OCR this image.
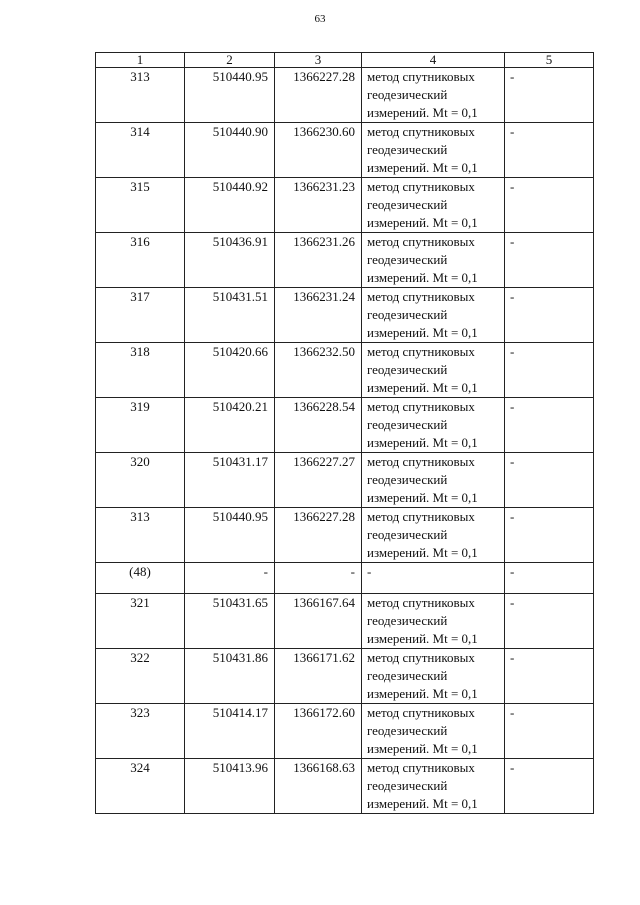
63
1	2	3	4	5
313	510440.95	1366227.28	метод спутниковых геодезический измерений. Mt = 0,1	-
314	510440.90	1366230.60	метод спутниковых геодезический измерений. Mt = 0,1	-
315	510440.92	1366231.23	метод спутниковых геодезический измерений. Mt = 0,1	-
316	510436.91	1366231.26	метод спутниковых геодезический измерений. Mt = 0,1	-
317	510431.51	1366231.24	метод спутниковых геодезический измерений. Mt = 0,1	-
318	510420.66	1366232.50	метод спутниковых геодезический измерений. Mt = 0,1	-
319	510420.21	1366228.54	метод спутниковых геодезический измерений. Mt = 0,1	-
320	510431.17	1366227.27	метод спутниковых геодезический измерений. Mt = 0,1	-
313	510440.95	1366227.28	метод спутниковых геодезический измерений. Mt = 0,1	-
(48)	-	-	-	-
321	510431.65	1366167.64	метод спутниковых геодезический измерений. Mt = 0,1	-
322	510431.86	1366171.62	метод спутниковых геодезический измерений. Mt = 0,1	-
323	510414.17	1366172.60	метод спутниковых геодезический измерений. Mt = 0,1	-
324	510413.96	1366168.63	метод спутниковых геодезический измерений. Mt = 0,1	-
